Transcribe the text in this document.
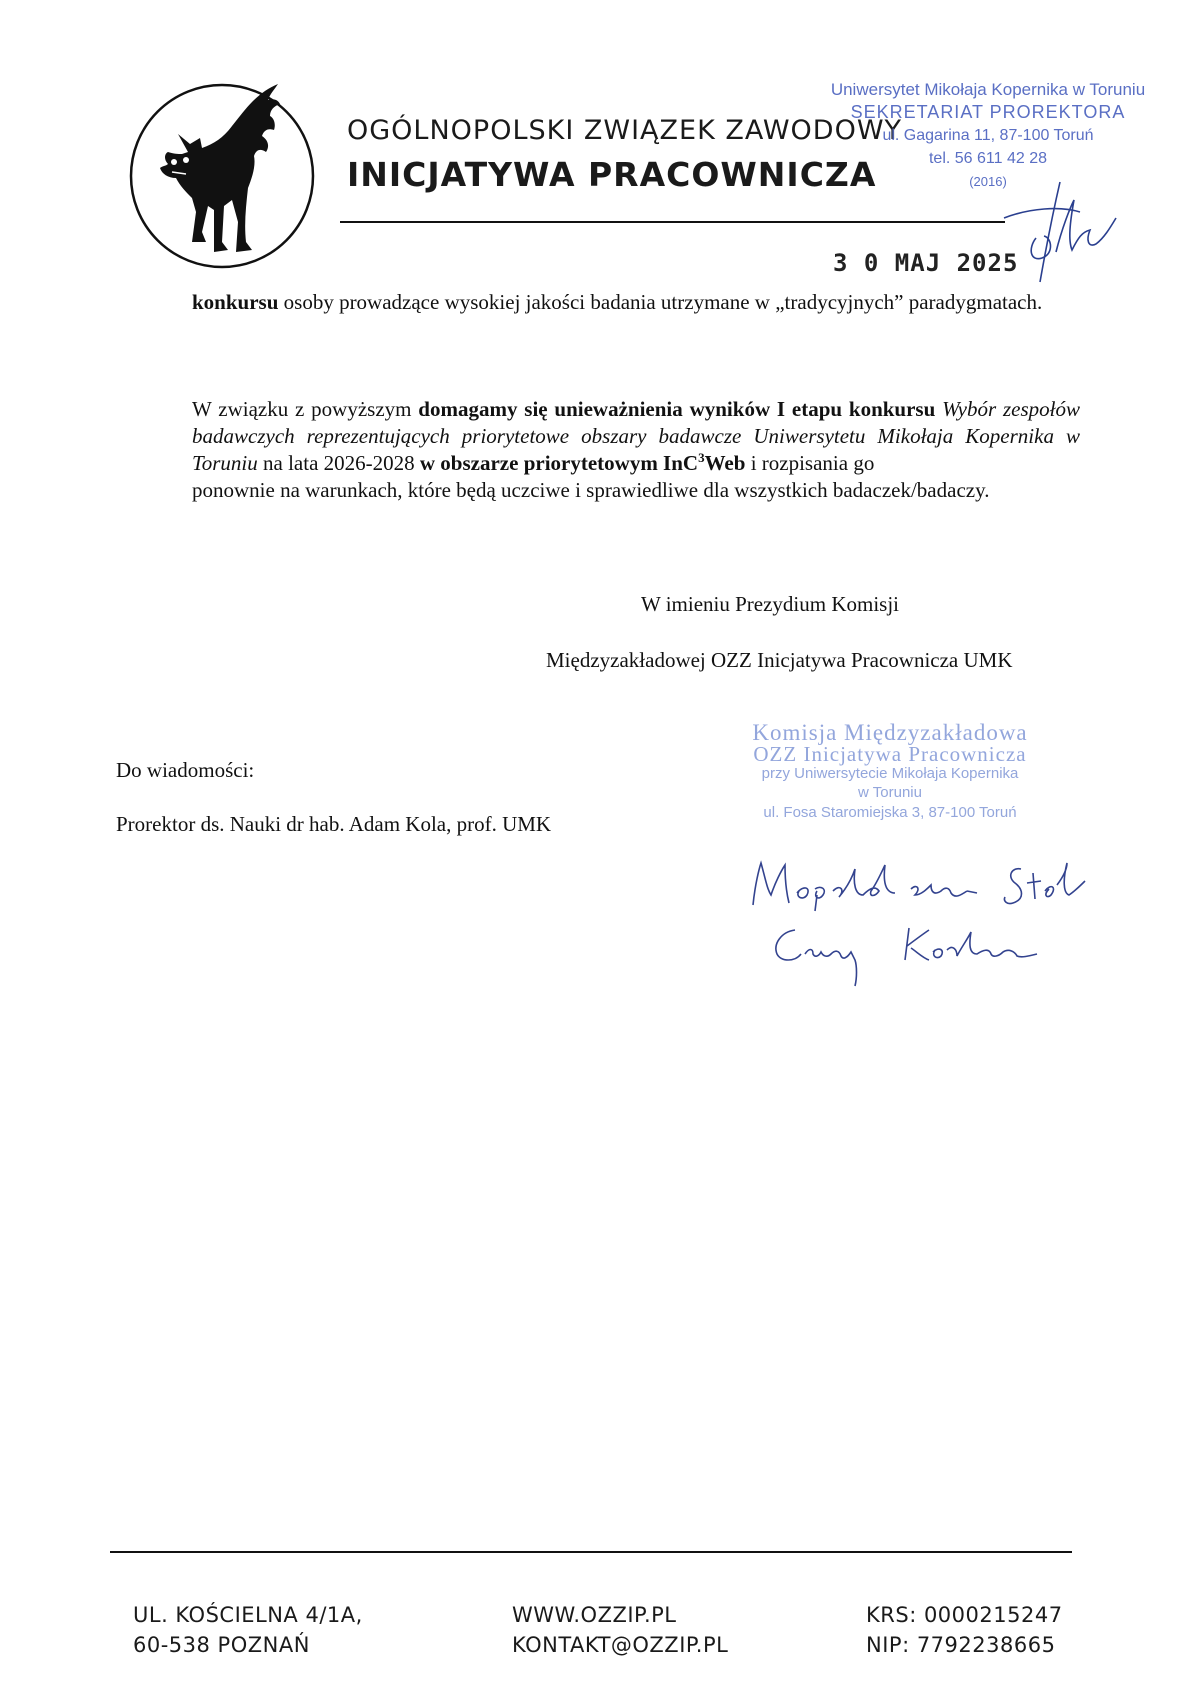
OGÓLNOPOLSKI ZWIĄZEK ZAWODOWY
INICJATYWA PRACOWNICZA
Uniwersytet Mikołaja Kopernika w Toruniu
SEKRETARIAT PROREKTORA
ul. Gagarina 11, 87-100 Toruń
tel. 56 611 42 28
(2016)
3 0 MAJ 2025
konkursu osoby prowadzące wysokiej jakości badania utrzymane w „tradycyjnych” paradygmatach.
W związku z powyższym domagamy się unieważnienia wyników I etapu konkursu Wybór zespołów badawczych reprezentujących priorytetowe obszary badawcze Uniwersytetu Mikołaja Kopernika w Toruniu na lata 2026-2028 w obszarze priorytetowym InC$^3$Web i rozpisania go
ponownie na warunkach, które będą uczciwe i sprawiedliwe dla wszystkich badaczek/badaczy.
W imieniu Prezydium Komisji
Międzyzakładowej OZZ Inicjatywa Pracownicza UMK
Do wiadomości:
Prorektor ds. Nauki dr hab. Adam Kola, prof. UMK
Komisja Międzyzakładowa
OZZ Inicjatywa Pracownicza
przy Uniwersytecie Mikołaja Kopernika
w Toruniu
ul. Fosa Staromiejska 3, 87-100 Toruń
UL. KOŚCIELNA 4/1A,
60-538 POZNAŃ
WWW.OZZIP.PL
KONTAKT@OZZIP.PL
KRS: 0000215247
NIP: 7792238665
